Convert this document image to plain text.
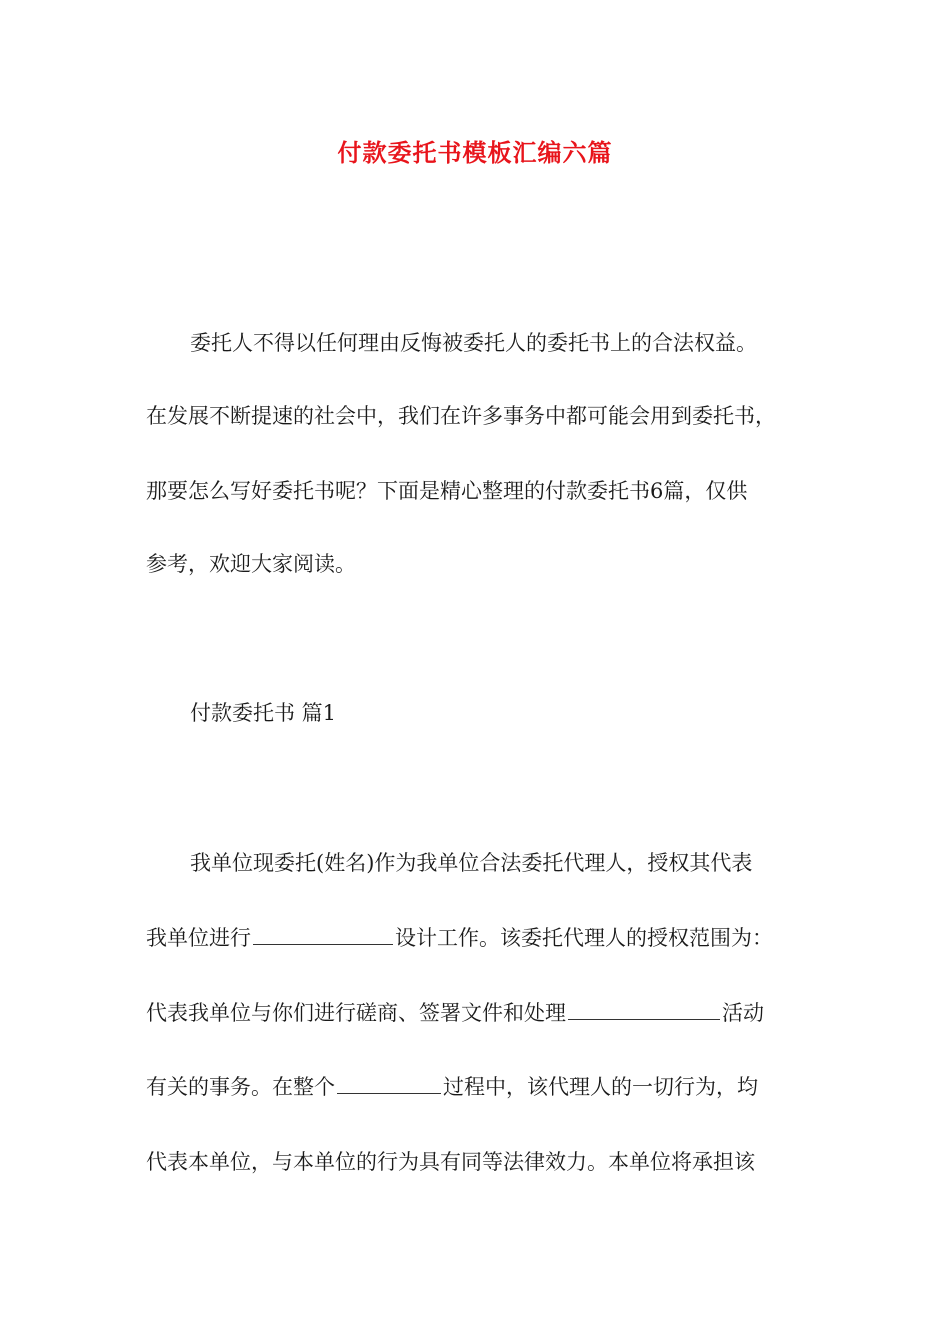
付款委托书模板汇编六篇
委托人不得以任何理由反悔被委托人的委托书上的合法权益。
在发展不断提速的社会中，我们在许多事务中都可能会用到委托书，
那要怎么写好委托书呢？下面是精心整理的付款委托书6篇，仅供
参考，欢迎大家阅读。
付款委托书 篇1
我单位现委托(姓名)作为我单位合法委托代理人，授权其代表
我单位进行	设计工作。该委托代理人的授权范围为：
代表我单位与你们进行磋商、签署文件和处理	活动
有关的事务。在整个	过程中，该代理人的一切行为，均
代表本单位，与本单位的行为具有同等法律效力。本单位将承担该
